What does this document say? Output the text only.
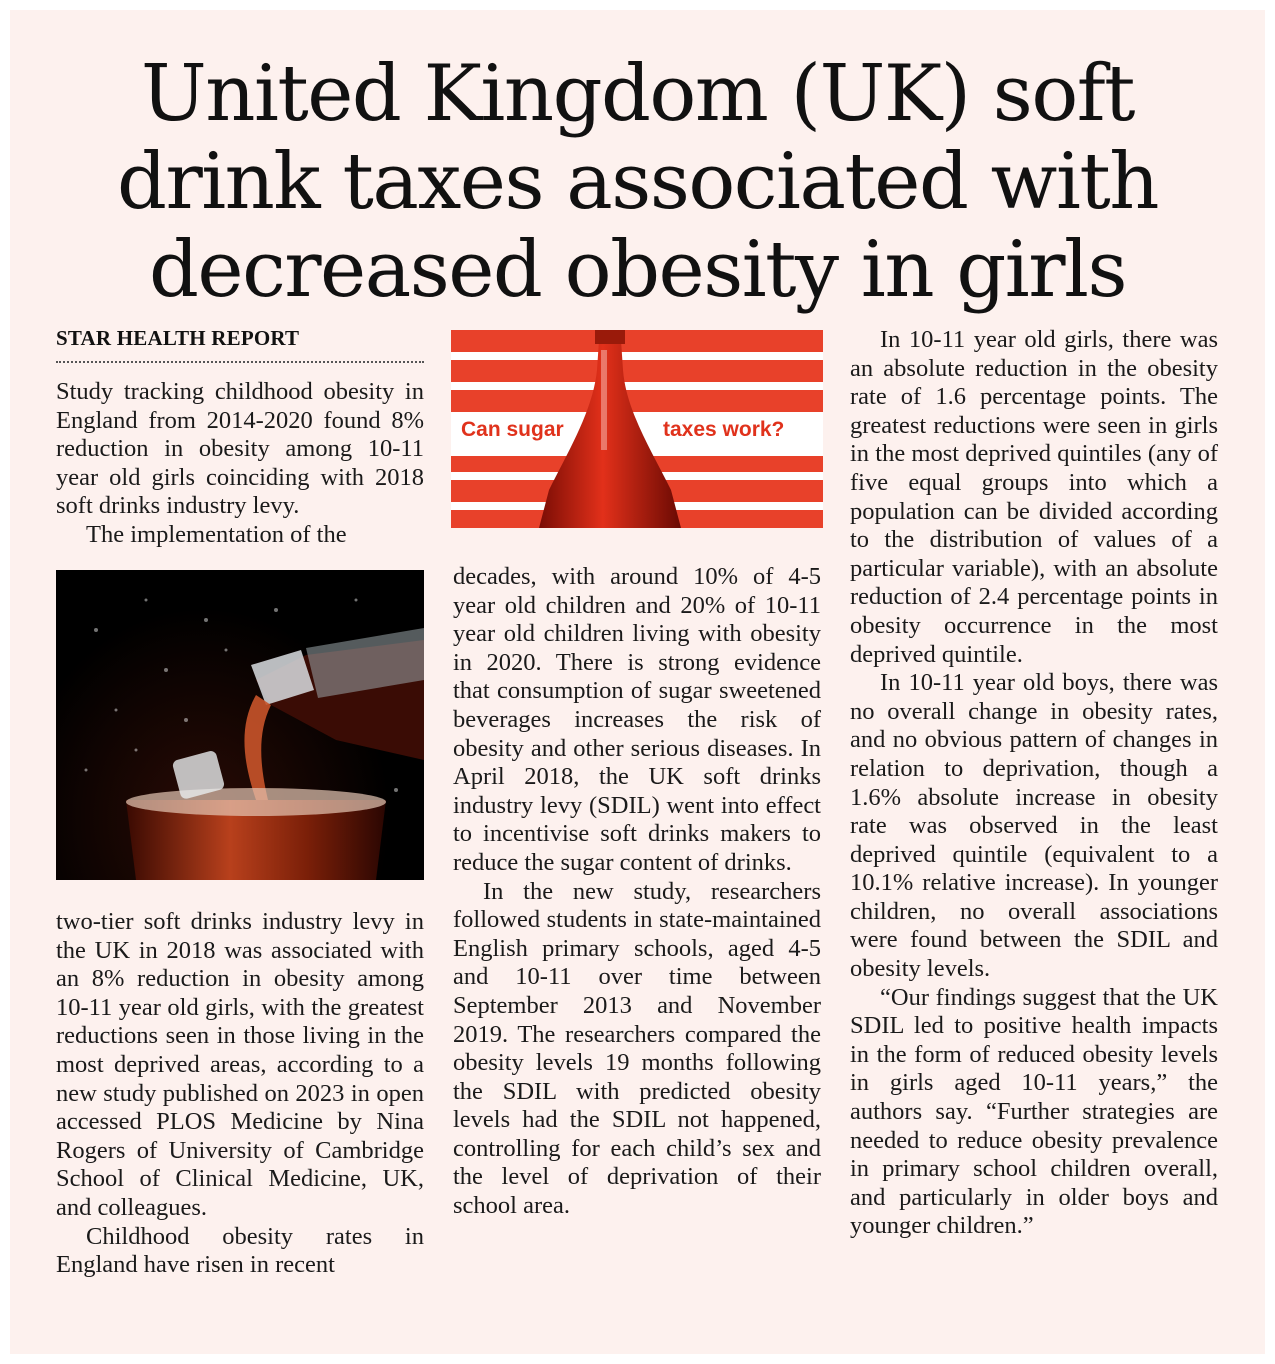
United Kingdom (UK) soft
drink taxes associated with
decreased obesity in girls
STAR HEALTH REPORT

Study tracking childhood obesity in England from 2014-2020 found 8% reduction in obesity among 10-11 year old girls coinciding with 2018 soft drinks industry levy.

The implementation of the

two-tier soft drinks industry levy in the UK in 2018 was associated with an 8% reduction in obesity among 10-11 year old girls, with the greatest reductions seen in those living in the most deprived areas, according to a new study published on 2023 in open accessed PLOS Medicine by Nina Rogers of University of Cambridge School of Clinical Medicine, UK, and colleagues.

Childhood obesity rates in England have risen in recent

Can sugar	taxes work?

decades, with around 10% of 4-5 year old children and 20% of 10-11 year old children living with obesity in 2020. There is strong evidence that consumption of sugar sweetened beverages increases the risk of obesity and other serious diseases. In April 2018, the UK soft drinks industry levy (SDIL) went into effect to incentivise soft drinks makers to reduce the sugar content of drinks.

In the new study, researchers followed students in state-maintained English primary schools, aged 4-5 and 10-11 over time between September 2013 and November 2019. The researchers compared the obesity levels 19 months following the SDIL with predicted obesity levels had the SDIL not happened, controlling for each child’s sex and the level of deprivation of their school area.

In 10-11 year old girls, there was an absolute reduction in the obesity rate of 1.6 percentage points. The greatest reductions were seen in girls in the most deprived quintiles (any of five equal groups into which a population can be divided according to the distribution of values of a particular variable), with an absolute reduction of 2.4 percentage points in obesity occurrence in the most deprived quintile.

In 10-11 year old boys, there was no overall change in obesity rates, and no obvious pattern of changes in relation to deprivation, though a 1.6% absolute increase in obesity rate was observed in the least deprived quintile (equivalent to a 10.1% relative increase). In younger children, no overall associations were found between the SDIL and obesity levels.

“Our findings suggest that the UK SDIL led to positive health impacts in the form of reduced obesity levels in girls aged 10-11 years,” the authors say. “Further strategies are needed to reduce obesity prevalence in primary school children overall, and particularly in older boys and younger children.”
